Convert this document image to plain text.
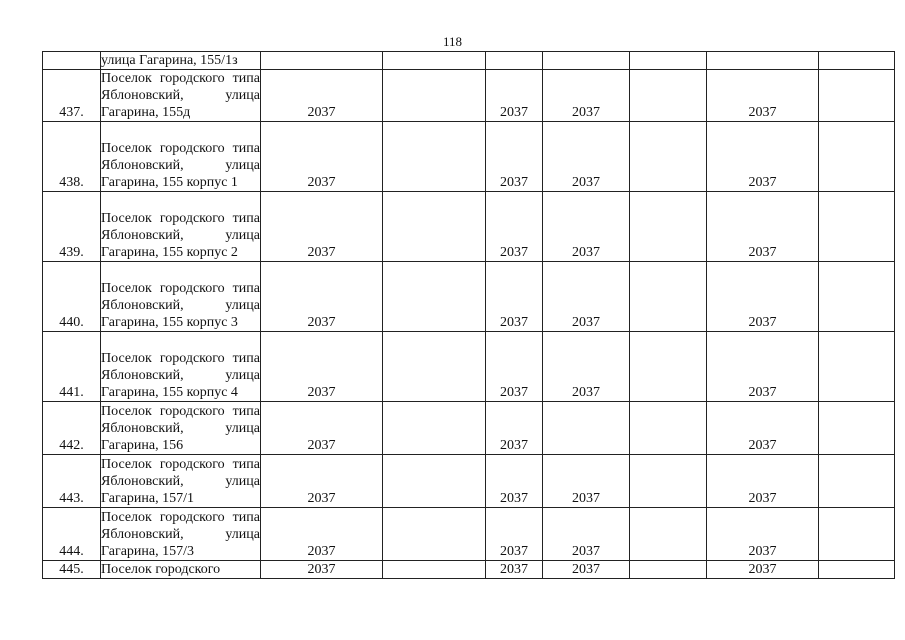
118
	улица Гагарина, 155/1з							
437.	Поселок городского типа Яблоновский, улица Гагарина, 155д	2037		2037	2037		2037	
438.	Поселок городского типа Яблоновский, улица Гагарина, 155 корпус 1	2037		2037	2037		2037	
439.	Поселок городского типа Яблоновский, улица Гагарина, 155 корпус 2	2037		2037	2037		2037	
440.	Поселок городского типа Яблоновский, улица Гагарина, 155 корпус 3	2037		2037	2037		2037	
441.	Поселок городского типа Яблоновский, улица Гагарина, 155 корпус 4	2037		2037	2037		2037	
442.	Поселок городского типа Яблоновский, улица Гагарина, 156	2037		2037			2037	
443.	Поселок городского типа Яблоновский, улица Гагарина, 157/1	2037		2037	2037		2037	
444.	Поселок городского типа Яблоновский, улица Гагарина, 157/3	2037		2037	2037		2037	
445.	Поселок городского	2037		2037	2037		2037	
